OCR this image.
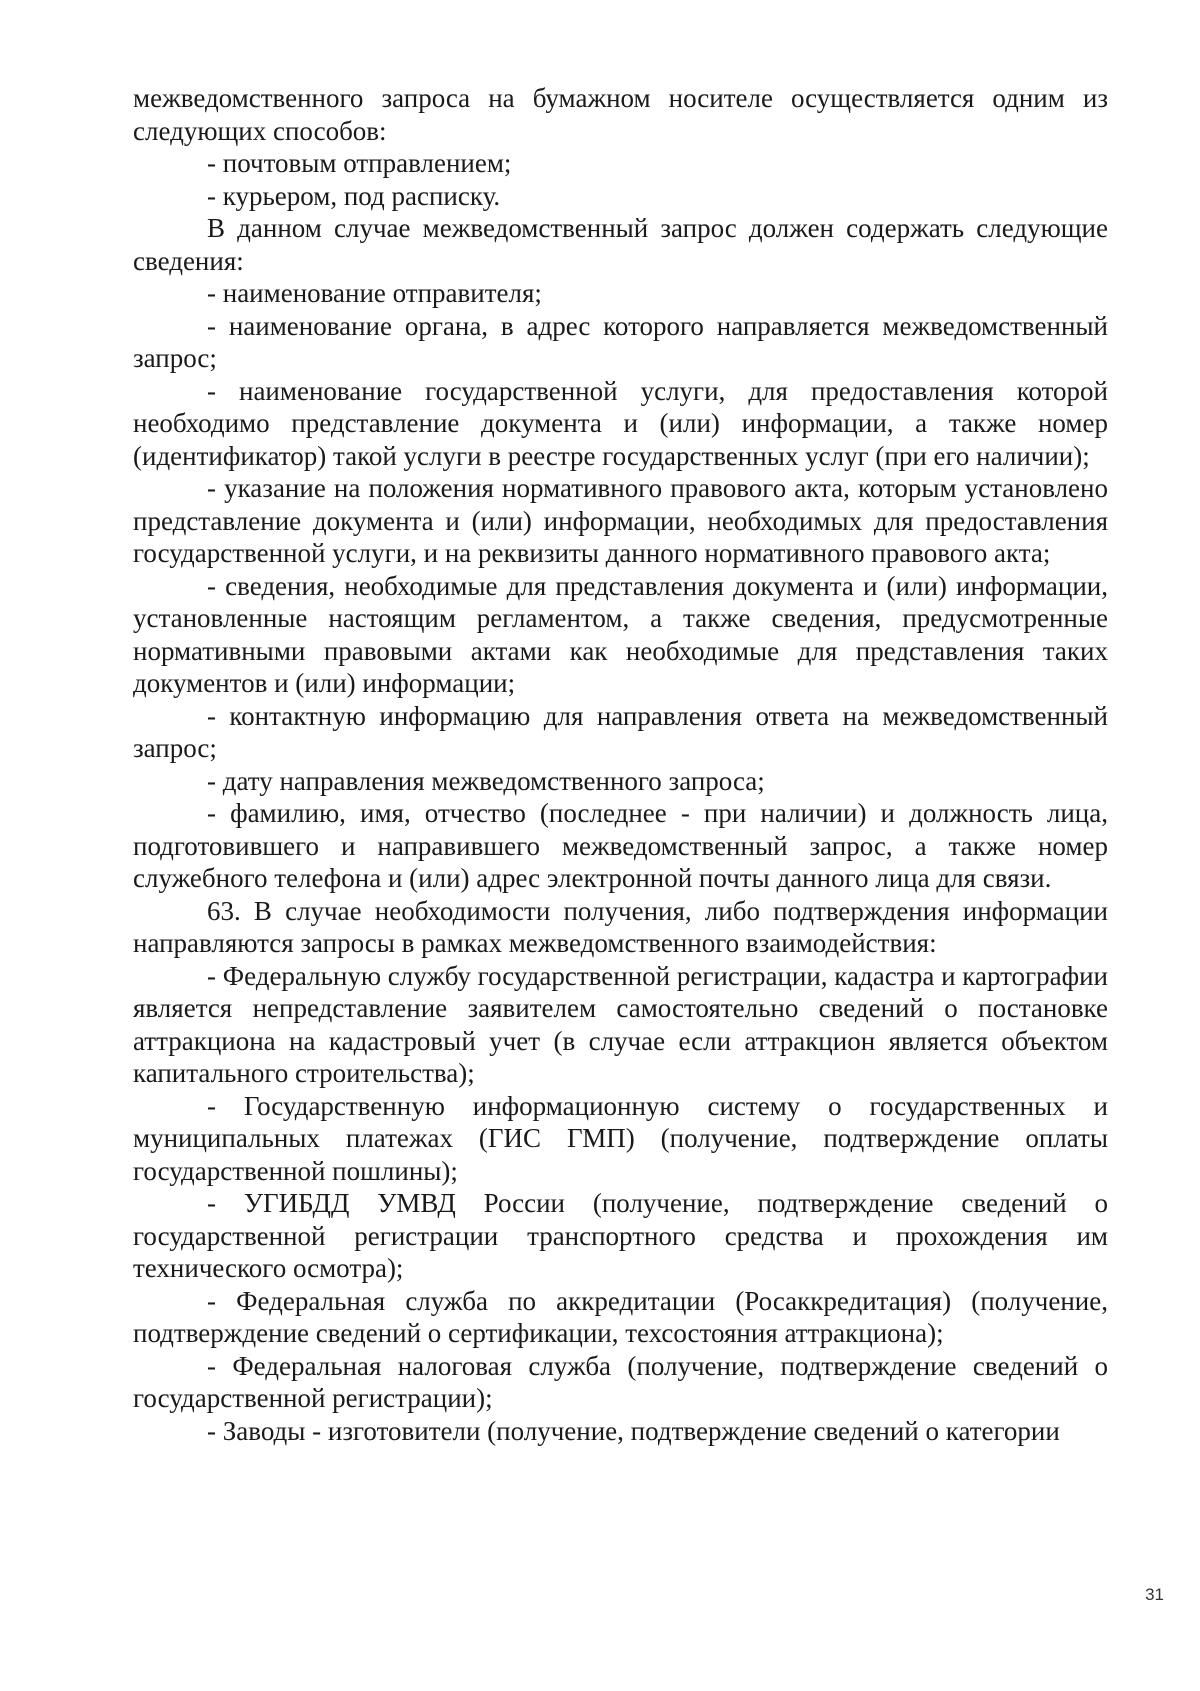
межведомственного запроса на бумажном носителе осуществляется одним из следующих способов:

- почтовым отправлением;

- курьером, под расписку.

В данном случае межведомственный запрос должен содержать следующие сведения:

- наименование отправителя;

- наименование органа, в адрес которого направляется межведомственный запрос;

- наименование государственной услуги, для предоставления которой необходимо представление документа и (или) информации, а также номер (идентификатор) такой услуги в реестре государственных услуг (при его наличии);

- указание на положения нормативного правового акта, которым установлено представление документа и (или) информации, необходимых для предоставления государственной услуги, и на реквизиты данного нормативного правового акта;

- сведения, необходимые для представления документа и (или) информации, установленные настоящим регламентом, а также сведения, предусмотренные нормативными правовыми актами как необходимые для представления таких документов и (или) информации;

- контактную информацию для направления ответа на межведомственный запрос;

- дату направления межведомственного запроса;

- фамилию, имя, отчество (последнее - при наличии) и должность лица, подготовившего и направившего межведомственный запрос, а также номер служебного телефона и (или) адрес электронной почты данного лица для связи.

63. В случае необходимости получения, либо подтверждения информации направляются запросы в рамках межведомственного взаимодействия:

- Федеральную службу государственной регистрации, кадастра и картографии является непредставление заявителем самостоятельно сведений о постановке аттракциона на кадастровый учет (в случае если аттракцион является объектом капитального строительства);

- Государственную информационную систему о государственных и муниципальных платежах (ГИС ГМП) (получение, подтверждение оплаты государственной пошлины);

- УГИБДД УМВД России (получение, подтверждение сведений о государственной регистрации транспортного средства и прохождения им технического осмотра);

- Федеральная служба по аккредитации (Росаккредитация) (получение, подтверждение сведений о сертификации, техсостояния аттракциона);

- Федеральная налоговая служба (получение, подтверждение сведений о государственной регистрации);

- Заводы - изготовители (получение, подтверждение сведений о категории

31
